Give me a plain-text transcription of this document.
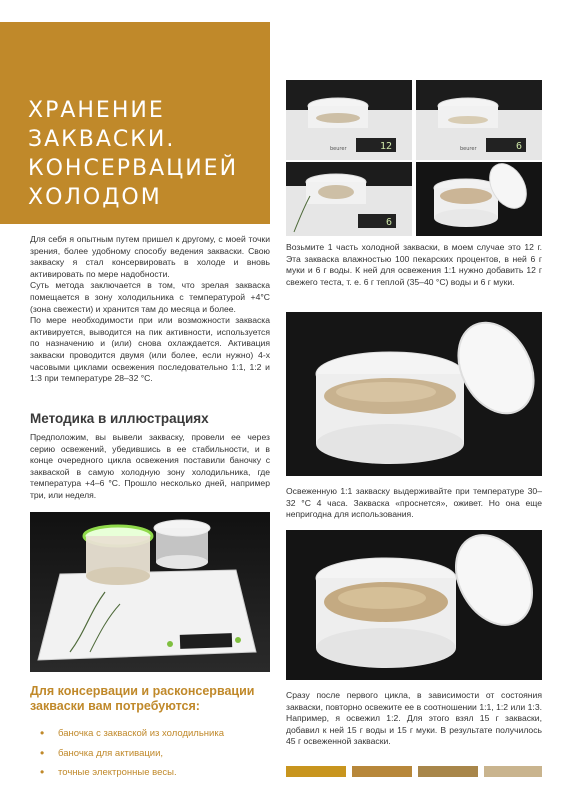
ХРАНЕНИЕ
ЗАКВАСКИ.
КОНСЕРВАЦИЕЙ
ХОЛОДОМ

Для себя я опытным путем пришел к другому, с моей точки зрения, более удобному способу ведения закваски. Свою закваску я стал консервировать в холоде и вновь активировать по мере надобности.

Суть метода заключается в том, что зрелая закваска помещается в зону холодильника с температурой +4°C (зона свежести) и хранится там до месяца и более.

По мере необходимости при или возможности закваска активируется, выводится на пик активности, используется по назначению и (или) снова охлаждается. Активация закваски проводится двумя (или более, если нужно) 4-х часовыми циклами освежения последовательно 1:1, 1:2 и 1:3 при температуре 28–32 °С.

Методика в иллюстрациях
Предположим, вы вывели закваску, провели ее через серию освежений, убедившись в ее стабильности, и в конце очередного цикла освежения поставили баночку с закваской в самую холодную зону холодильника, где температура +4–6 °С. Прошло несколько дней, например три, или неделя.
Для консервации и расконсервации
закваски вам потребуются:
• баночка с закваской из холодильника
• баночка для активации,
• точные электронные весы.
12
beurer	6
beurer
6
Возьмите 1 часть холодной закваски, в моем случае это 12 г. Эта закваска влажностью 100 пекарских процентов, в ней 6 г муки и 6 г воды. К ней для освежения 1:1 нужно добавить 12 г свежего теста, т. е. 6 г теплой (35–40 °С) воды и 6 г муки.
Освеженную 1:1 закваску выдерживайте при температуре 30–32 °С 4 часа. Закваска «проснется», оживет. Но она еще непригодна для использования.
Сразу после первого цикла, в зависимости от состояния закваски, повторно освежите ее в соотношении 1:1, 1:2 или 1:3. Например, я освежил 1:2. Для этого взял 15 г закваски, добавил к ней 15 г воды и 15 г муки. В результате получилось 45 г освеженной закваски.
